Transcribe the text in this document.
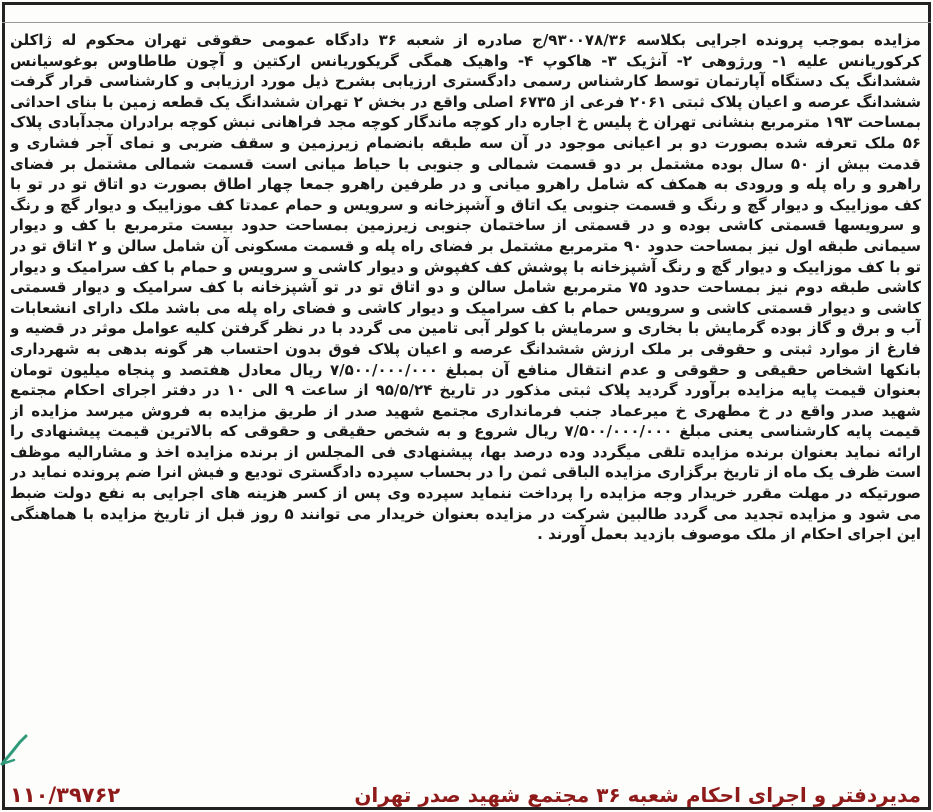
مزایده بموجب پرونده اجرایی بکلاسه ۹۳۰۰۷۸/۳۶/ج صادره از شعبه ۳۶ دادگاه عمومی حقوقی تهران محکوم له ژاکلن کرکوریانس علیه ۱- ورژوهی ۲- آنژیک ۳- هاکوپ ۴- واهیک همگی گریکوریانس ارکتین و آچون طاطاوس بوغوسیانس ششدانگ یک دستگاه آپارتمان توسط کارشناس رسمی دادگستری ارزیابی بشرح ذیل مورد ارزیابی و کارشناسی قرار گرفت ششدانگ عرصه و اعیان پلاک ثبتی ۲۰۶۱ فرعی از ۶۷۳۵ اصلی واقع در بخش ۲ تهران ششدانگ یک قطعه زمین با بنای احداثی بمساحت ۱۹۳ مترمربع بنشانی تهران خ پلیس خ اجاره دار کوچه ماندگار کوچه مجد فراهانی نبش کوچه برادران مجدآبادی پلاک ۵۶ ملک تعرفه شده بصورت دو بر اعیانی موجود در آن سه طبقه بانضمام زیرزمین و سقف ضربی و نمای آجر فشاری و قدمت بیش از ۵۰ سال بوده مشتمل بر دو قسمت شمالی و جنوبی با حیاط میانی است قسمت شمالی مشتمل بر فضای راهرو و راه پله و ورودی به همکف که شامل راهرو میانی و در طرفین راهرو جمعا چهار اطاق بصورت دو اتاق تو در تو با کف موزاییک و دیوار گچ و رنگ و قسمت جنوبی یک اتاق و آشپزخانه و سرویس و حمام عمدتا کف موزاییک و دیوار گچ و رنگ و سرویسها قسمتی کاشی بوده و در قسمتی از ساختمان جنوبی زیرزمین بمساحت حدود بیست مترمربع با کف و دیوار سیمانی طبقه اول نیز بمساحت حدود ۹۰ مترمربع مشتمل بر فضای راه پله و قسمت مسکونی آن شامل سالن و ۲ اتاق تو در تو با کف موزاییک و دیوار گچ و رنگ آشپزخانه با پوشش کف کفپوش و دیوار کاشی و سرویس و حمام با کف سرامیک و دیوار کاشی طبقه دوم نیز بمساحت حدود ۷۵ مترمربع شامل سالن و دو اتاق تو در تو آشپزخانه با کف سرامیک و دیوار قسمتی کاشی و دیوار قسمتی کاشی و سرویس حمام با کف سرامیک و دیوار کاشی و فضای راه پله می باشد ملک دارای انشعابات آب و برق و گاز بوده گرمایش با بخاری و سرمایش با کولر آبی تامین می گردد با در نظر گرفتن کلیه عوامل موثر در قضیه و فارغ از موارد ثبتی و حقوقی بر ملک ارزش ششدانگ عرصه و اعیان پلاک فوق بدون احتساب هر گونه بدهی به شهرداری بانکها اشخاص حقیقی و حقوقی و عدم انتقال منافع آن بمبلغ ۷/۵۰۰/۰۰۰/۰۰۰ ریال معادل هفتصد و پنجاه میلیون تومان بعنوان قیمت پایه مزایده برآورد گردید پلاک ثبتی مذکور در تاریخ ۹۵/۵/۲۴ از ساعت ۹ الی ۱۰ در دفتر اجرای احکام مجتمع شهید صدر واقع در خ مطهری خ میرعماد جنب فرمانداری مجتمع شهید صدر از طریق مزایده به فروش میرسد مزایده از قیمت پایه کارشناسی یعنی مبلغ ۷/۵۰۰/۰۰۰/۰۰۰ ریال شروع و به شخص حقیقی و حقوقی که بالاترین قیمت پیشنهادی را ارائه نماید بعنوان برنده مزایده تلقی میگردد وده درصد بها، پیشنهادی فی المجلس از برنده مزایده اخذ و مشارالیه موظف است ظرف یک ماه از تاریخ برگزاری مزایده الباقی ثمن را در بحساب سپرده دادگستری تودیع و فیش انرا ضم پرونده نماید در صورتیکه در مهلت مقرر خریدار وجه مزایده را پرداخت ننماید سپرده وی پس از کسر هزینه های اجرایی به نفع دولت ضبط می شود و مزایده تجدید می گردد طالبین شرکت در مزایده بعنوان خریدار می توانند ۵ روز قبل از تاریخ مزایده با هماهنگی این اجرای احکام از ملک موصوف بازدید بعمل آورند .
مدیردفتر و اجرای احکام شعبه ۳۶ مجتمع شهید صدر تهران
۱۱۰/۳۹۷۶۲
